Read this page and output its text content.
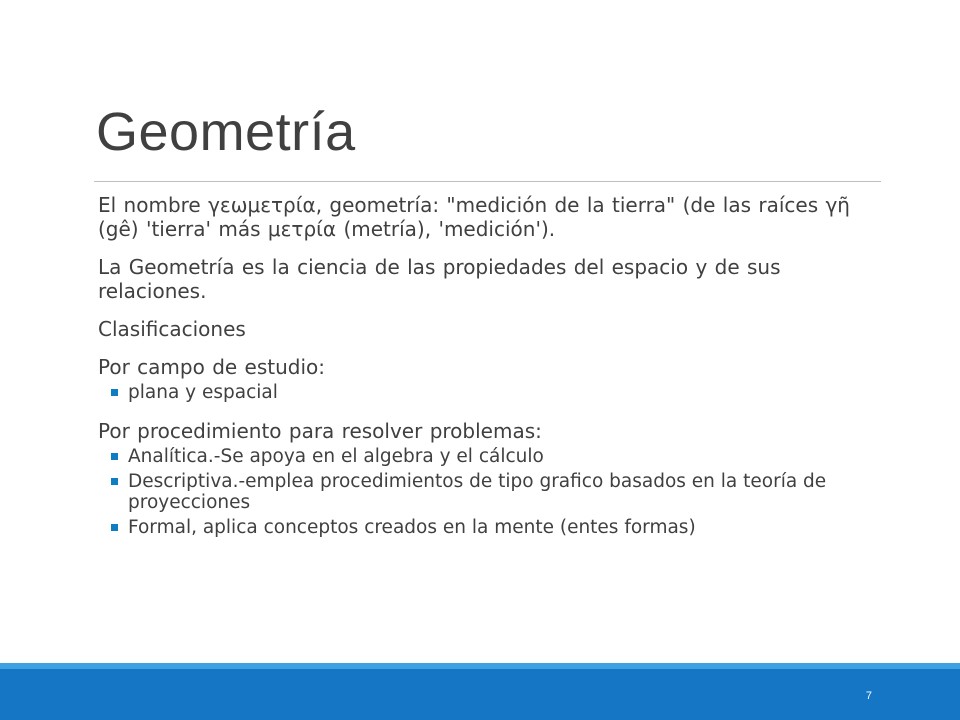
Geometría

El nombre γεωμετρία, geometría: "medición de la tierra" (de las raíces γῆ (gê) 'tierra' más μετρία (metría), 'medición').

La Geometría es la ciencia de las propiedades del espacio y de sus relaciones.

Clasificaciones

Por campo de estudio:

plana y espacial

Por procedimiento para resolver problemas:

Analítica.-Se apoya en el algebra y el cálculo
Descriptiva.-emplea procedimientos de tipo grafico basados en la teoría de proyecciones
Formal, aplica conceptos creados en la mente (entes formas)
7
